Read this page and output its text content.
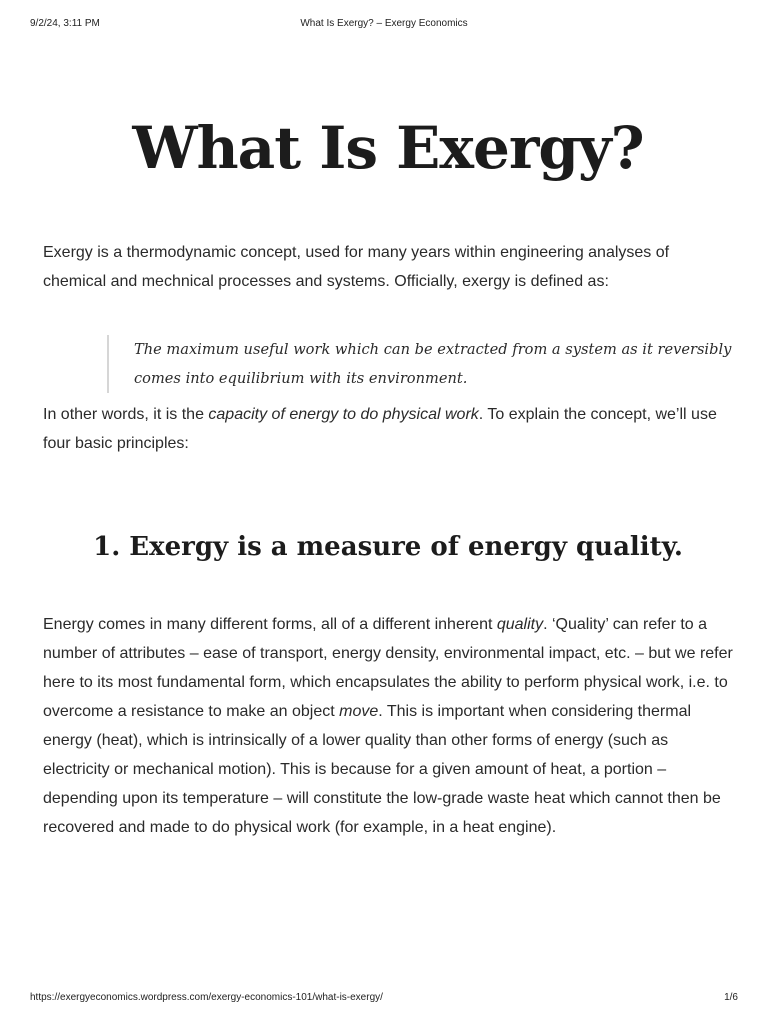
9/2/24, 3:11 PM	What Is Exergy? – Exergy Economics
What Is Exergy?

Exergy is a thermodynamic concept, used for many years within engineering analyses of chemical and mechnical processes and systems. Officially, exergy is defined as:

The maximum useful work which can be extracted from a system as it reversibly comes into equilibrium with its environment.

In other words, it is the capacity of energy to do physical work. To explain the concept, we’ll use four basic principles:

1. Exergy is a measure of energy quality.

Energy comes in many different forms, all of a different inherent quality. ‘Quality’ can refer to a number of attributes – ease of transport, energy density, environmental impact, etc. – but we refer here to its most fundamental form, which encapsulates the ability to perform physical work, i.e. to overcome a resistance to make an object move. This is important when considering thermal energy (heat), which is intrinsically of a lower quality than other forms of energy (such as electricity or mechanical motion). This is because for a given amount of heat, a portion – depending upon its temperature – will constitute the low-grade waste heat which cannot then be recovered and made to do physical work (for example, in a heat engine).

https://exergyeconomics.wordpress.com/exergy-economics-101/what-is-exergy/	1/6
